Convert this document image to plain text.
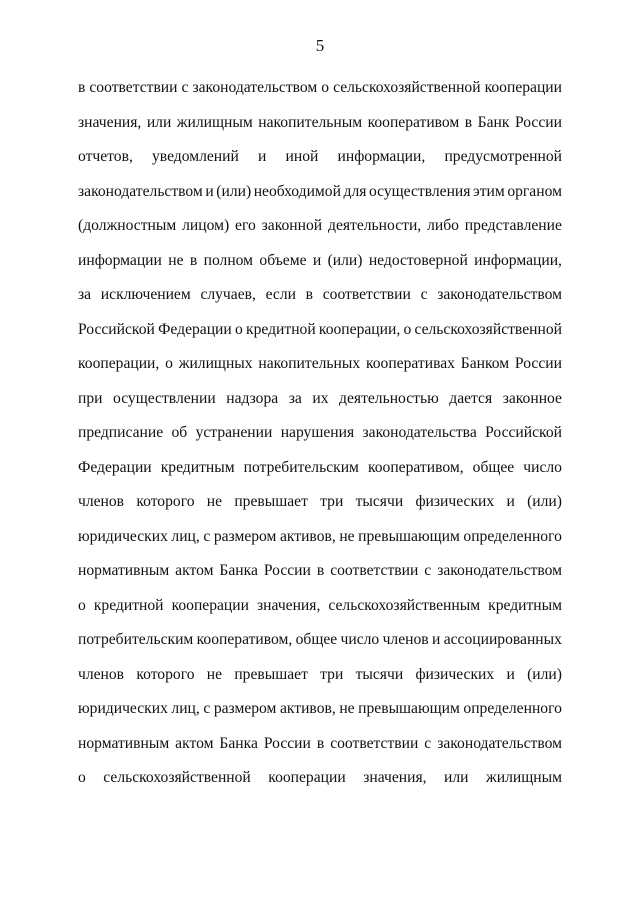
5
в соответствии с законодательством о сельскохозяйственной кооперации
значения, или жилищным накопительным кооперативом в Банк России
отчетов, уведомлений и иной информации, предусмотренной
законодательством и (или) необходимой для осуществления этим органом
(должностным лицом) его законной деятельности, либо представление
информации не в полном объеме и (или) недостоверной информации,
за исключением случаев, если в соответствии с законодательством
Российской Федерации о кредитной кооперации, о сельскохозяйственной
кооперации, о жилищных накопительных кооперативах Банком России
при осуществлении надзора за их деятельностью дается законное
предписание об устранении нарушения законодательства Российской
Федерации кредитным потребительским кооперативом, общее число
членов которого не превышает три тысячи физических и (или)
юридических лиц, с размером активов, не превышающим определенного
нормативным актом Банка России в соответствии с законодательством
о кредитной кооперации значения, сельскохозяйственным кредитным
потребительским кооперативом, общее число членов и ассоциированных
членов которого не превышает три тысячи физических и (или)
юридических лиц, с размером активов, не превышающим определенного
нормативным актом Банка России в соответствии с законодательством
о сельскохозяйственной кооперации значения, или жилищным
